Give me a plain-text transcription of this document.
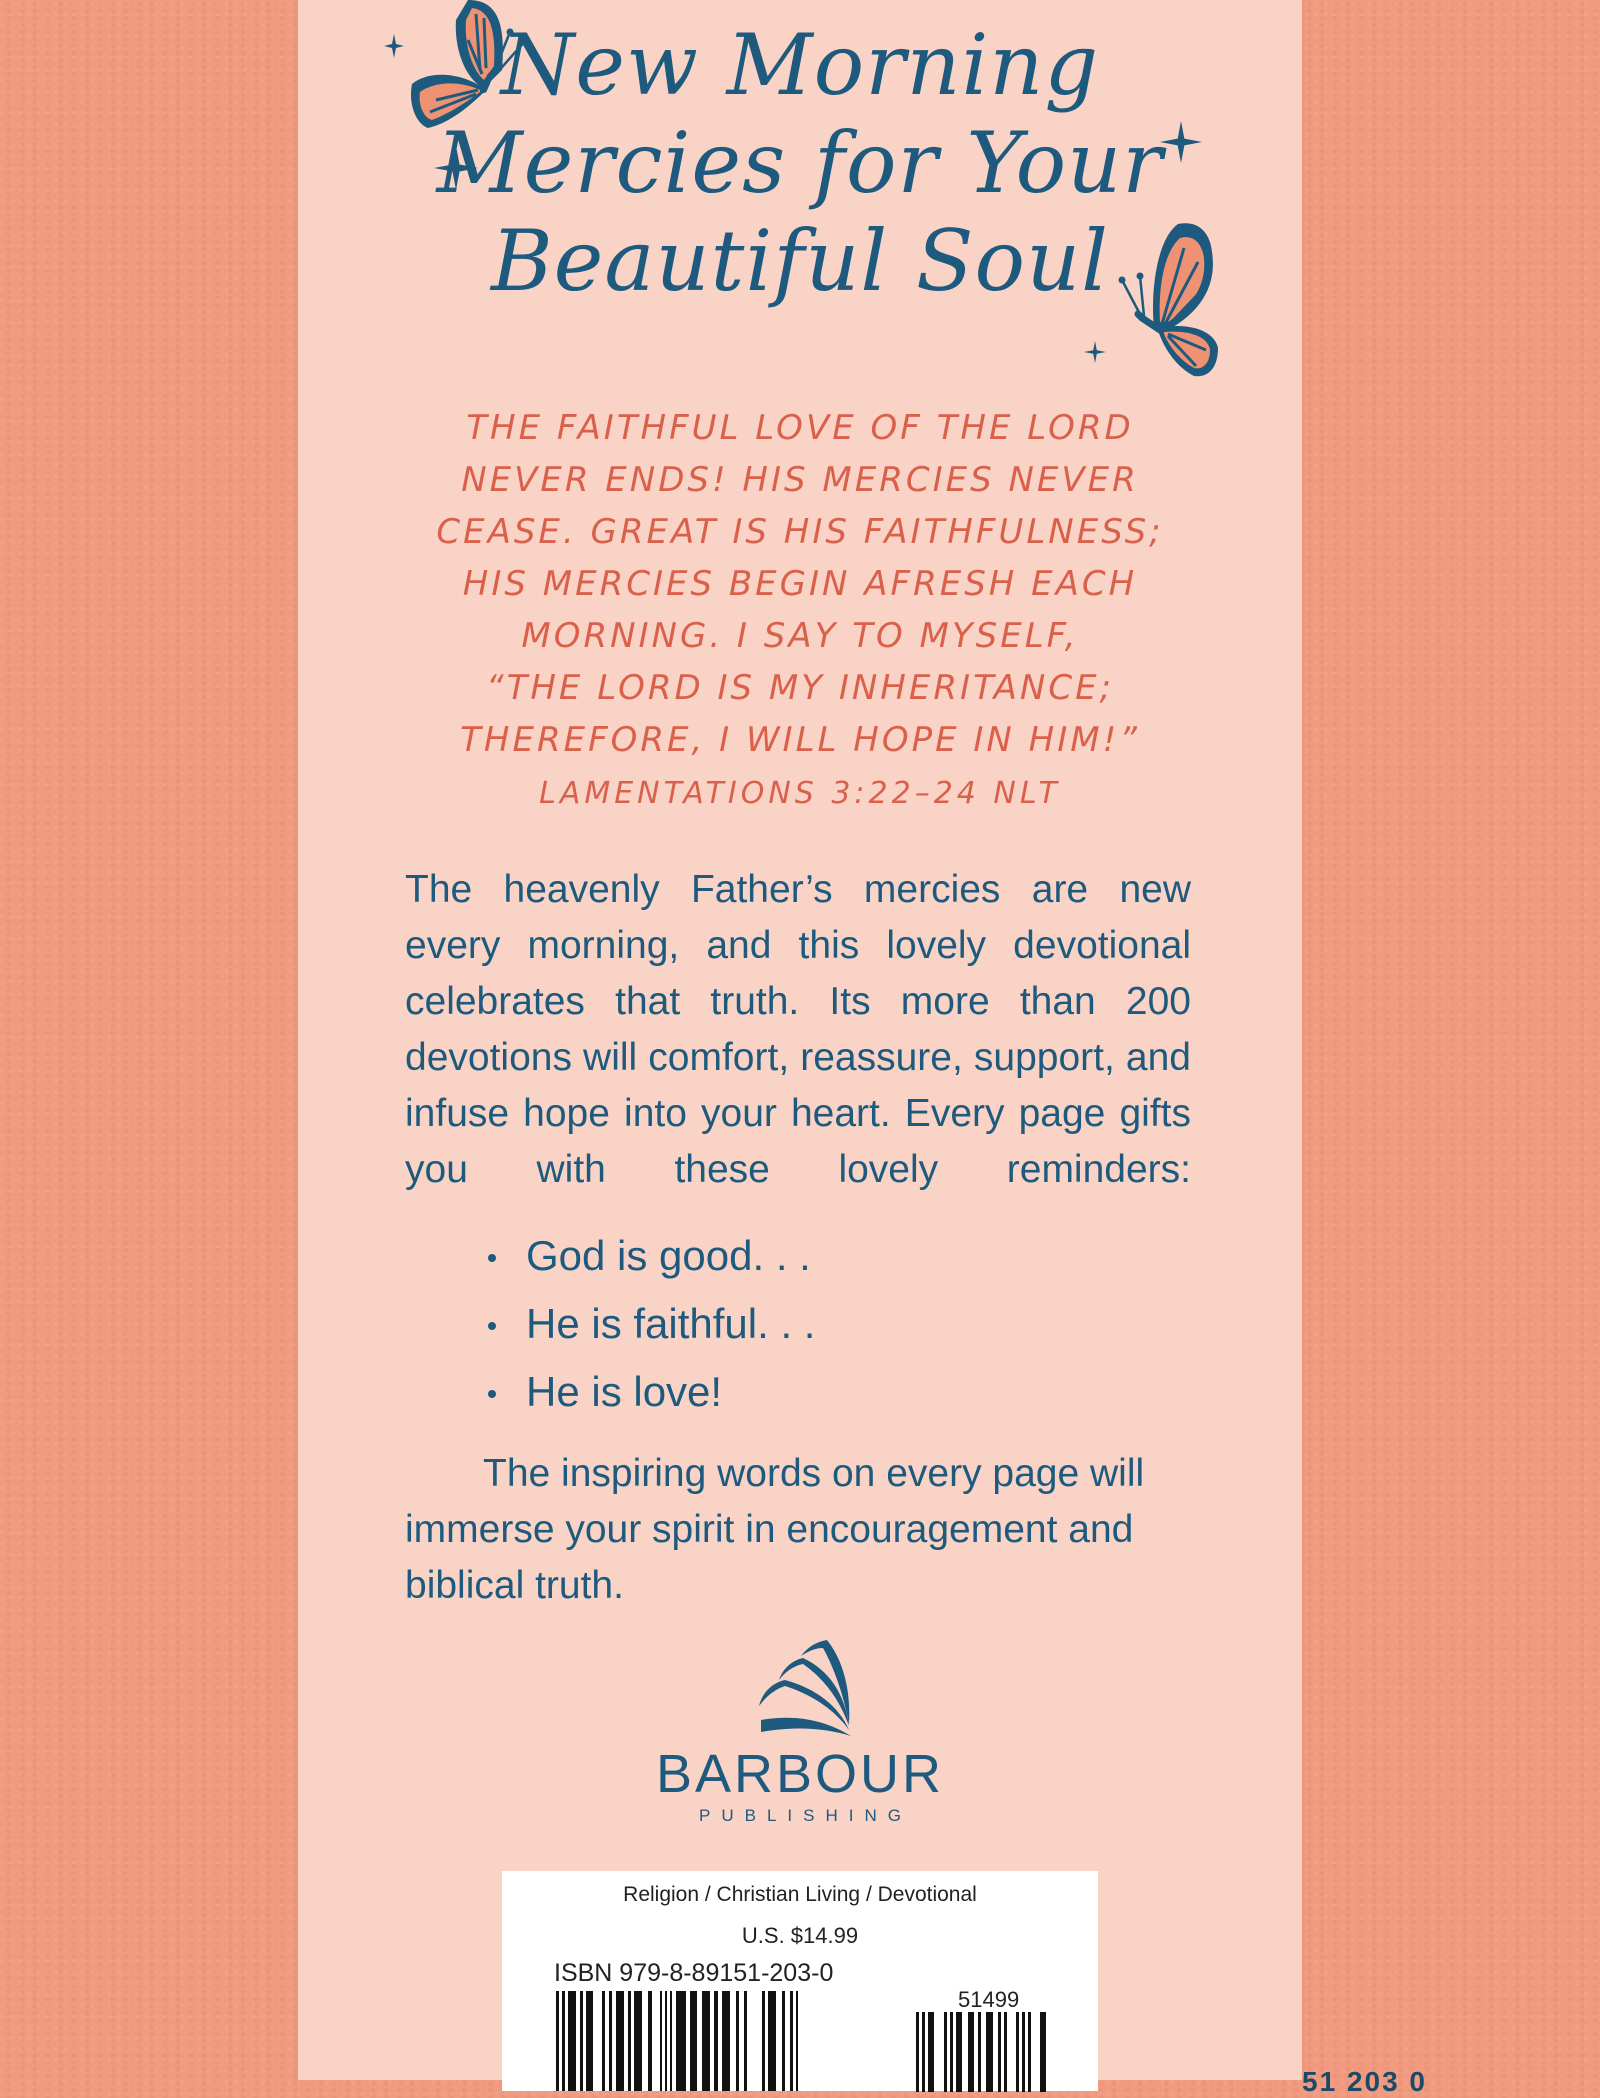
New Morning
Mercies for Your
Beautiful Soul
THE FAITHFUL LOVE OF THE LORD
NEVER ENDS! HIS MERCIES NEVER
CEASE. GREAT IS HIS FAITHFULNESS;
HIS MERCIES BEGIN AFRESH EACH
MORNING. I SAY TO MYSELF,
“THE LORD IS MY INHERITANCE;
THEREFORE, I WILL HOPE IN HIM!”
LAMENTATIONS 3:22–24 NLT

The heavenly Father’s mercies are new every morning, and this lovely devotional celebrates that truth. Its more than 200 devotions will comfort, reassure, support, and infuse hope into your heart. Every page gifts you with these lovely reminders:

God is good. . .
He is faithful. . .
He is love!
The inspiring words on every page will immerse your spirit in encouragement and biblical truth.
BARBOUR
PUBLISHING
Religion / Christian Living / Devotional
U.S. $14.99
ISBN 979-8-89151-203-0
51499
51 203 0
